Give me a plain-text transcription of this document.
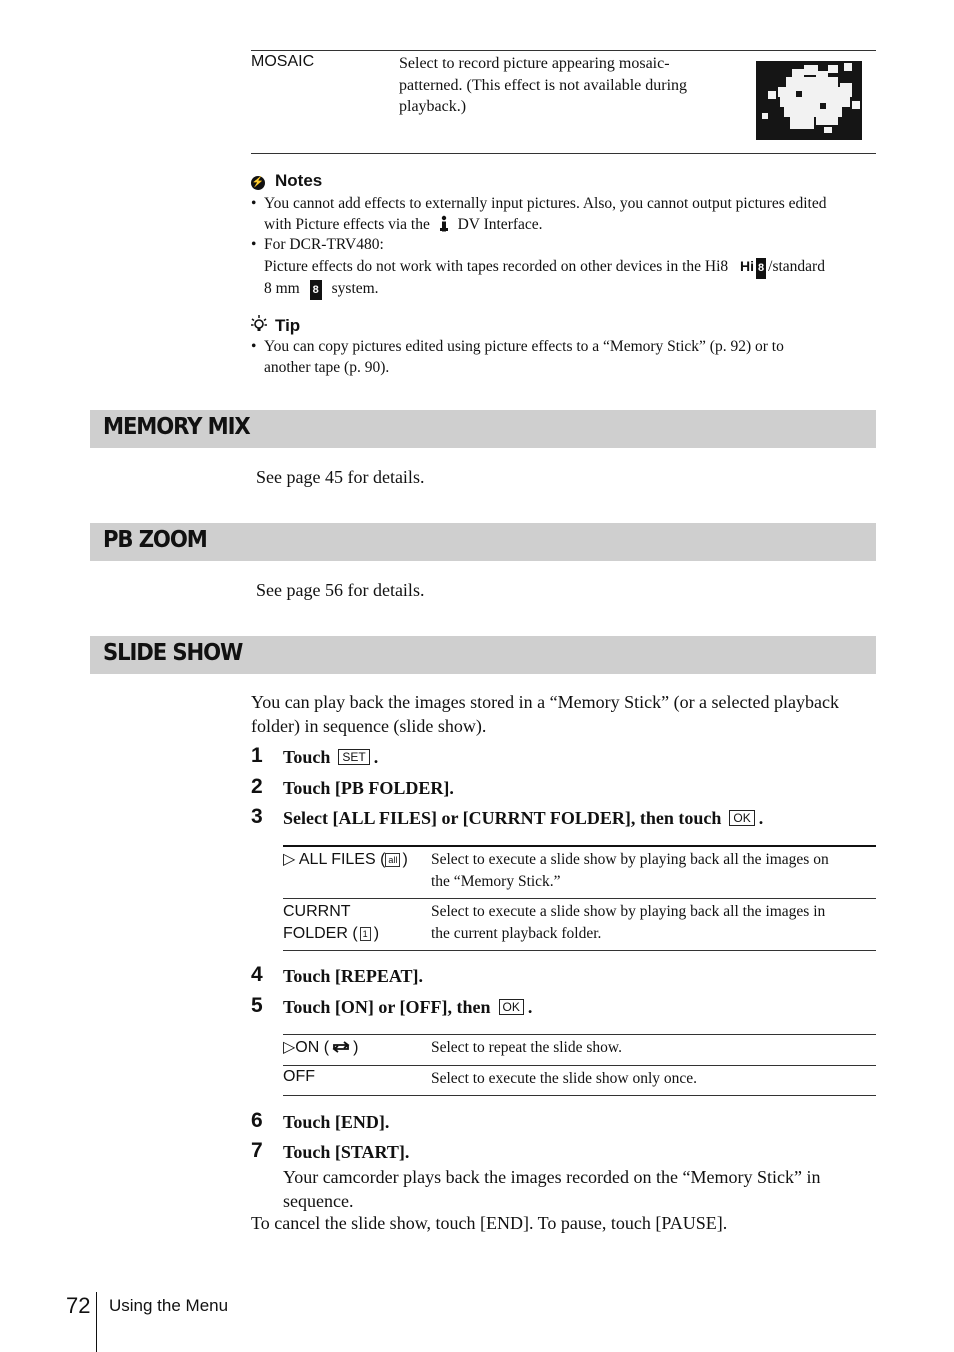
MOSAIC	Select to record picture appearing mosaic-
patterned. (This effect is not available during
playback.)
⚡ Notes
• You cannot add effects to externally input pictures. Also, you cannot output pictures edited
with Picture effects via the DV Interface.
• For DCR-TRV480:
Picture effects do not work with tapes recorded on other devices in the Hi8 Hi 8 /standard
8 mm 8 system.
Tip
• You can copy pictures edited using picture effects to a “Memory Stick” (p. 92) or to
another tape (p. 90).
MEMORY MIX
See page 45 for details.
PB ZOOM
See page 56 for details.
SLIDE SHOW
You can play back the images stored in a “Memory Stick” (or a selected playback
folder) in sequence (slide show).
1 Touch SET .
2 Touch [PB FOLDER].
3 Select [ALL FILES] or [CURRNT FOLDER], then touch OK .
▷ ALL FILES ( all ) Select to execute a slide show by playing back all the images on
the “Memory Stick.”
CURRNT
FOLDER ( 1 )
Select to execute a slide show by playing back all the images in
the current playback folder.
4 Touch [REPEAT].
5 Touch [ON] or [OFF], then OK .
▷ON ( )	Select to repeat the slide show.
OFF	Select to execute the slide show only once.
6 Touch [END].
7 Touch [START].
Your camcorder plays back the images recorded on the “Memory Stick” in
sequence.
To cancel the slide show, touch [END]. To pause, touch [PAUSE].
72 Using the Menu
